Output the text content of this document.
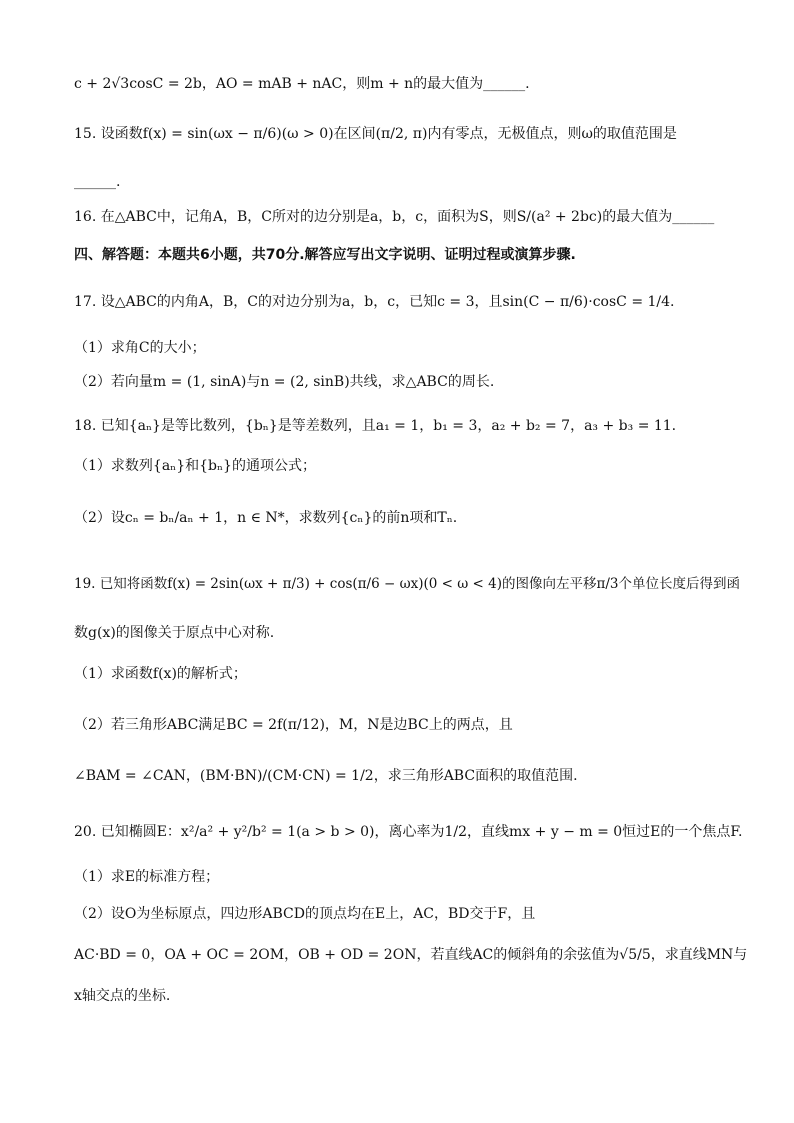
c + 2√3cosC = 2b，AO = mAB + nAC，则m + n的最大值为______.
15. 设函数f(x) = sin(ωx − π/6)(ω > 0)在区间(π/2, π)内有零点，无极值点，则ω的取值范围是
______.
16. 在△ABC中，记角A，B，C所对的边分别是a，b，c，面积为S，则S/(a² + 2bc)的最大值为______
四、解答题：本题共6小题，共70分.解答应写出文字说明、证明过程或演算步骤.
17. 设△ABC的内角A，B，C的对边分别为a，b，c，已知c = 3，且sin(C − π/6)·cosC = 1/4.
（1）求角C的大小；
（2）若向量m = (1, sinA)与n = (2, sinB)共线，求△ABC的周长.
18. 已知{aₙ}是等比数列，{bₙ}是等差数列，且a₁ = 1，b₁ = 3，a₂ + b₂ = 7，a₃ + b₃ = 11.
（1）求数列{aₙ}和{bₙ}的通项公式；
（2）设cₙ = bₙ/aₙ + 1，n ∈ N*，求数列{cₙ}的前n项和Tₙ.
19. 已知将函数f(x) = 2sin(ωx + π/3) + cos(π/6 − ωx)(0 < ω < 4)的图像向左平移π/3个单位长度后得到函
数g(x)的图像关于原点中心对称.
（1）求函数f(x)的解析式；
（2）若三角形ABC满足BC = 2f(π/12)，M，N是边BC上的两点，且
∠BAM = ∠CAN，(BM·BN)/(CM·CN) = 1/2，求三角形ABC面积的取值范围.
20. 已知椭圆E：x²/a² + y²/b² = 1(a > b > 0)，离心率为1/2，直线mx + y − m = 0恒过E的一个焦点F.
（1）求E的标准方程；
（2）设O为坐标原点，四边形ABCD的顶点均在E上，AC，BD交于F，且
AC·BD = 0，OA + OC = 2OM，OB + OD = 2ON，若直线AC的倾斜角的余弦值为√5/5，求直线MN与
x轴交点的坐标.
